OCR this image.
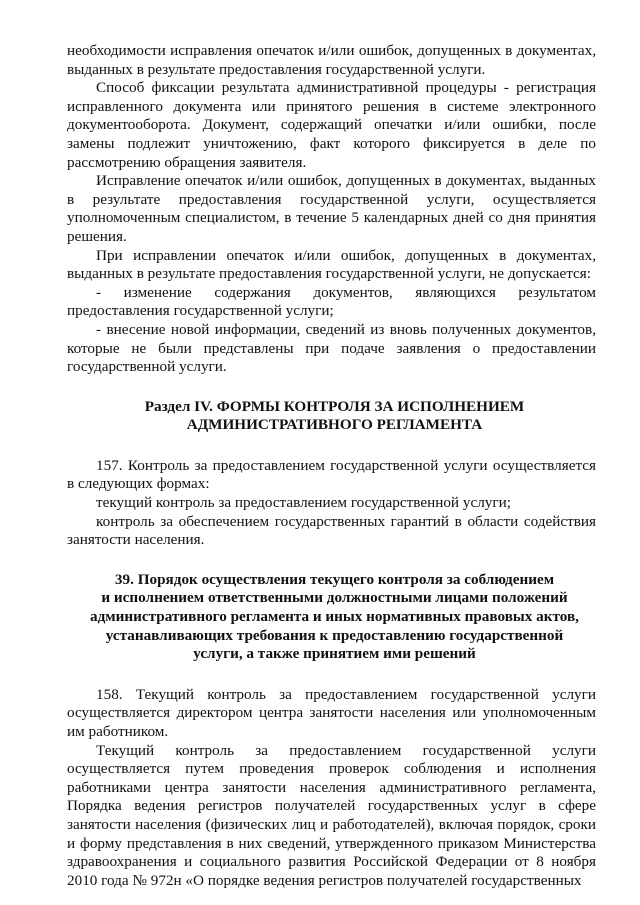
необходимости исправления опечаток и/или ошибок, допущенных в документах, выданных в результате предоставления государственной услуги.

Способ фиксации результата административной процедуры - регистрация исправленного документа или принятого решения в системе электронного документооборота. Документ, содержащий опечатки и/или ошибки, после замены подлежит уничтожению, факт которого фиксируется в деле по рассмотрению обращения заявителя.

Исправление опечаток и/или ошибок, допущенных в документах, выданных в результате предоставления государственной услуги, осуществляется уполномоченным специалистом, в течение 5 календарных дней со дня принятия решения.

При исправлении опечаток и/или ошибок, допущенных в документах, выданных в результате предоставления государственной услуги, не допускается:

- изменение содержания документов, являющихся результатом предоставления государственной услуги;

- внесение новой информации, сведений из вновь полученных документов, которые не были представлены при подаче заявления о предоставлении государственной услуги.

Раздел IV. ФОРМЫ КОНТРОЛЯ ЗА ИСПОЛНЕНИЕМ
АДМИНИСТРАТИВНОГО РЕГЛАМЕНТА

157. Контроль за предоставлением государственной услуги осуществляется в следующих формах:

текущий контроль за предоставлением государственной услуги;

контроль за обеспечением государственных гарантий в области содействия занятости населения.

39. Порядок осуществления текущего контроля за соблюдением
и исполнением ответственными должностными лицами положений
административного регламента и иных нормативных правовых актов,
устанавливающих требования к предоставлению государственной
услуги, а также принятием ими решений

158. Текущий контроль за предоставлением государственной услуги осуществляется директором центра занятости населения или уполномоченным им работником.

Текущий контроль за предоставлением государственной услуги осуществляется путем проведения проверок соблюдения и исполнения работниками центра занятости населения административного регламента, Порядка ведения регистров получателей государственных услуг в сфере занятости населения (физических лиц и работодателей), включая порядок, сроки и форму представления в них сведений, утвержденного приказом Министерства здравоохранения и социального развития Российской Федерации от 8 ноября 2010 года № 972н «О порядке ведения регистров получателей государственных
